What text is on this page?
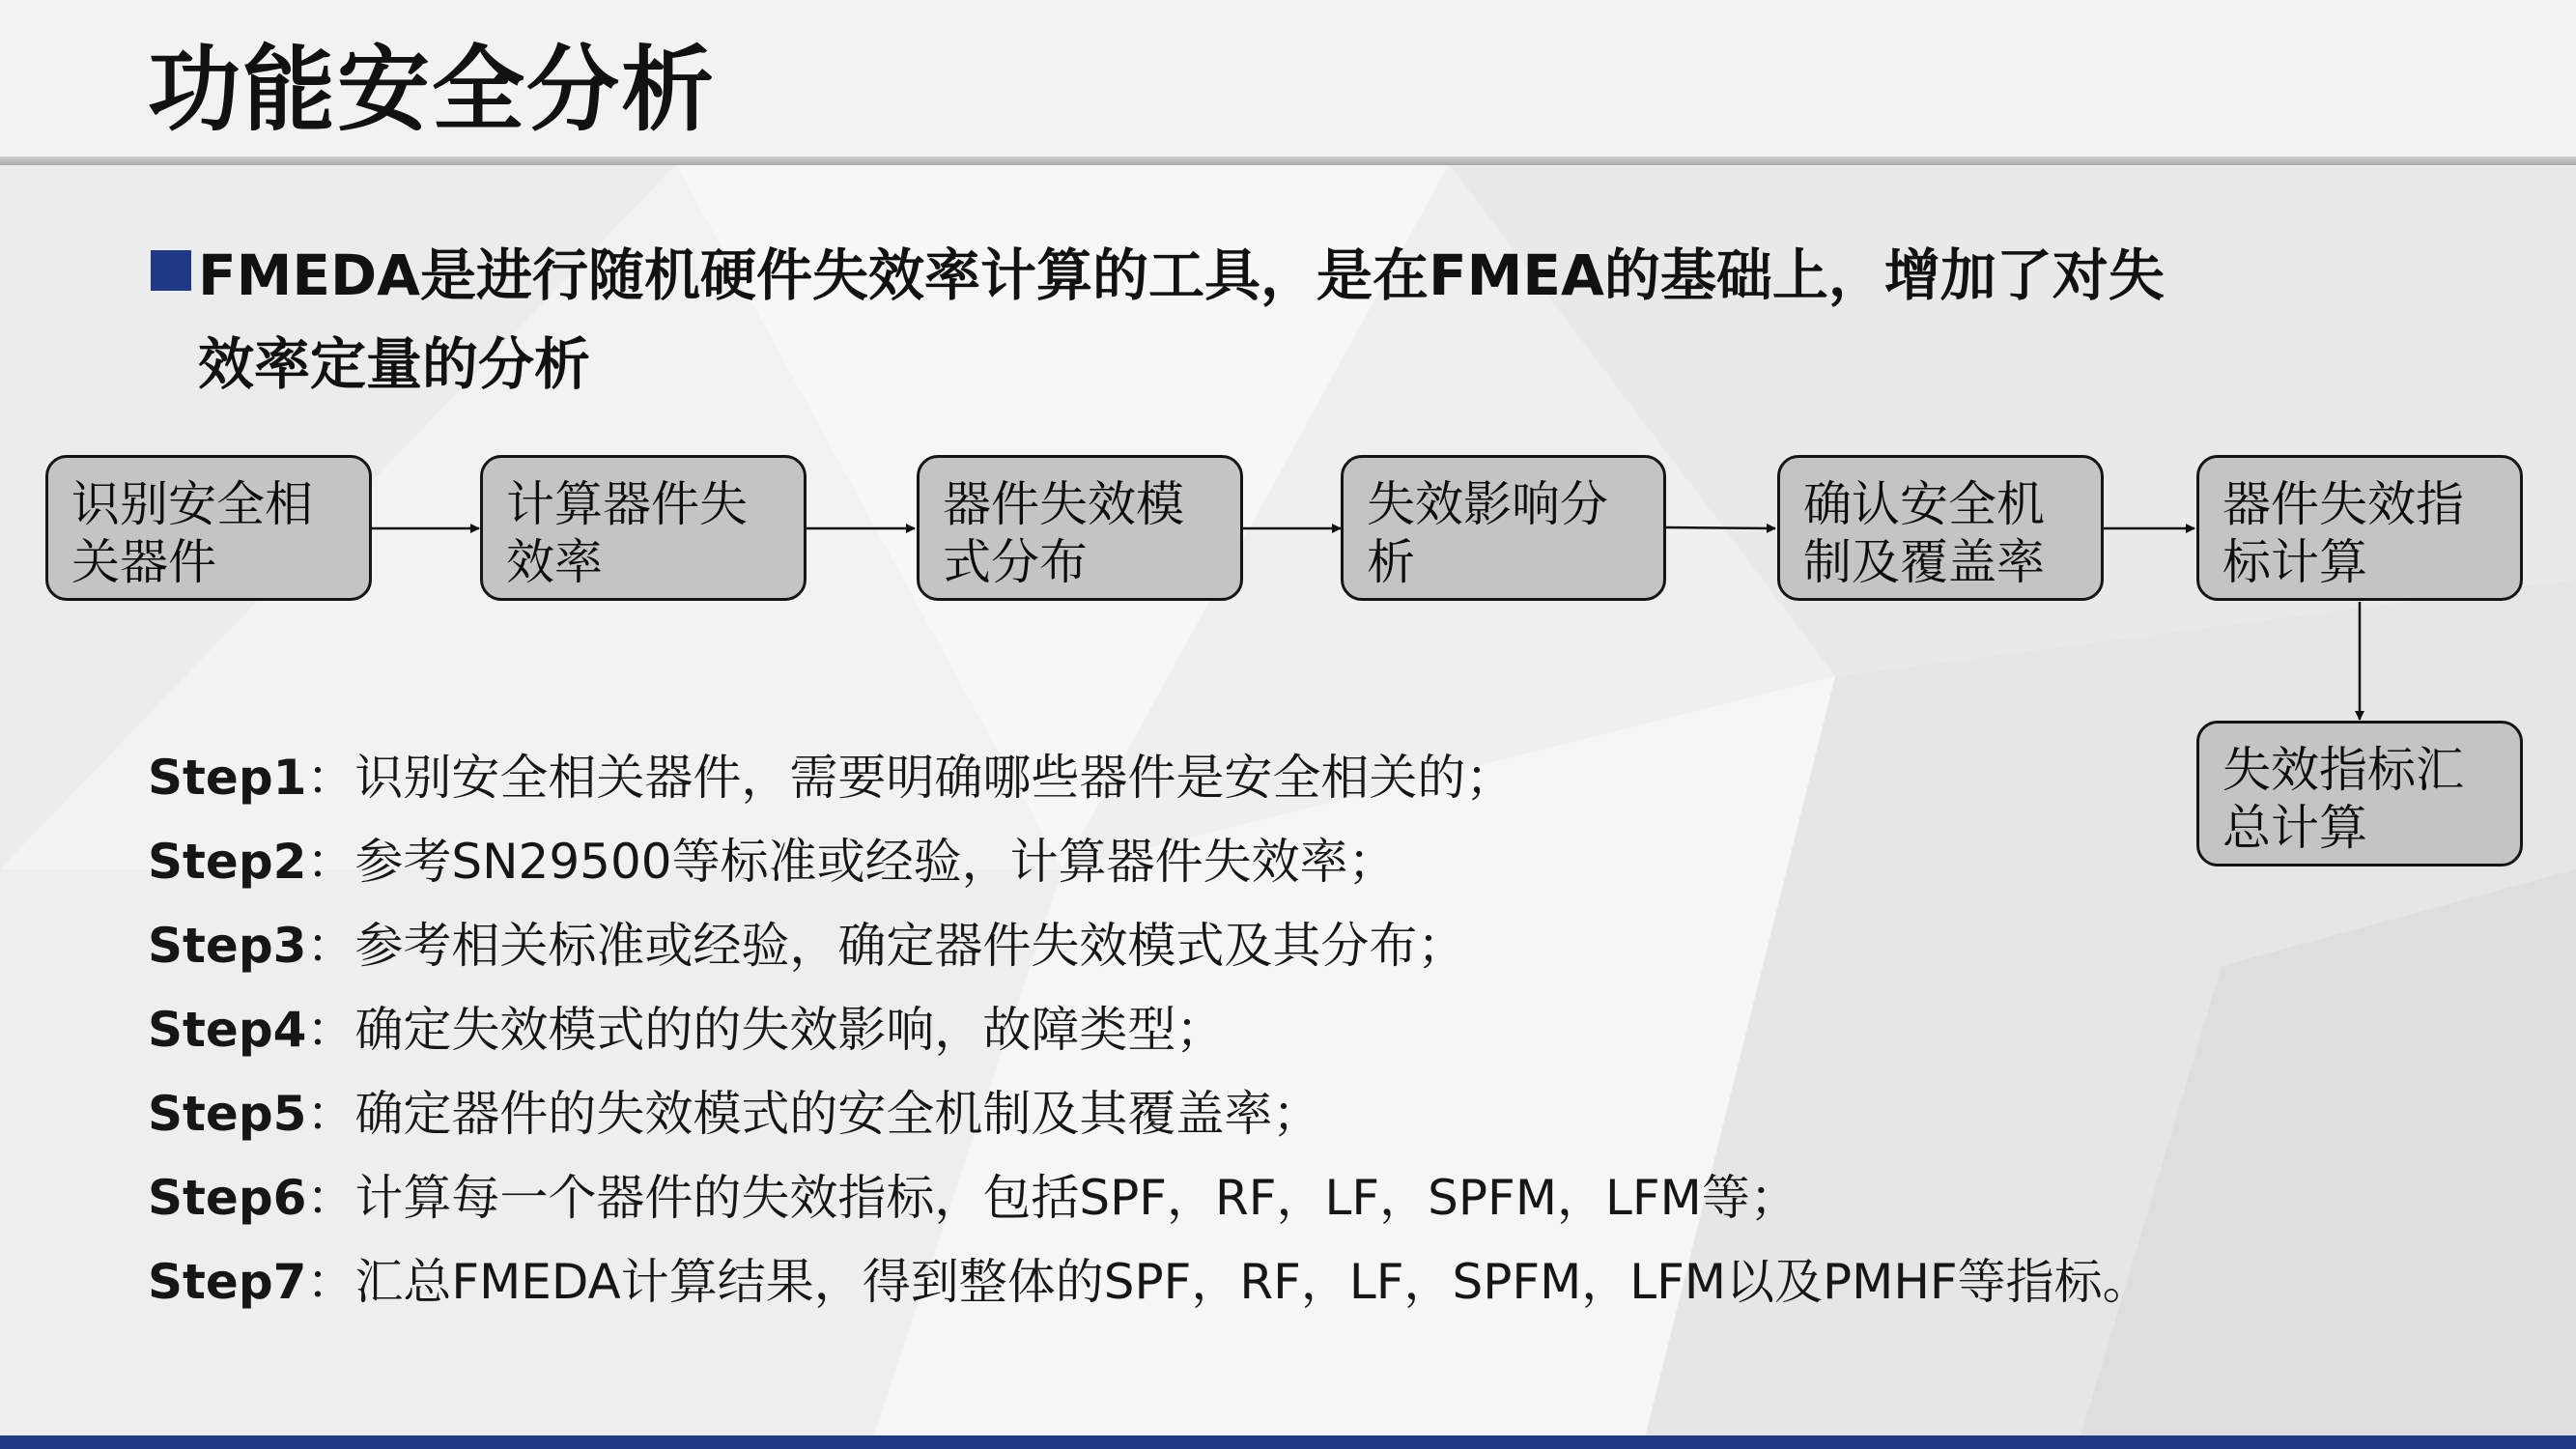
功能安全分析
FMEDA是进行随机硬件失效率计算的工具，是在FMEA的基础上，增加了对失
效率定量的分析
识别安全相
关器件
计算器件失
效率
器件失效模
式分布
失效影响分
析
确认安全机
制及覆盖率
器件失效指
标计算
失效指标汇
总计算
Step1：识别安全相关器件，需要明确哪些器件是安全相关的；
Step2：参考SN29500等标准或经验，计算器件失效率；
Step3：参考相关标准或经验，确定器件失效模式及其分布；
Step4：确定失效模式的的失效影响，故障类型；
Step5：确定器件的失效模式的安全机制及其覆盖率；
Step6：计算每一个器件的失效指标，包括SPF，RF，LF，SPFM，LFM等；
Step7：汇总FMEDA计算结果，得到整体的SPF，RF，LF，SPFM，LFM以及PMHF等指标。
